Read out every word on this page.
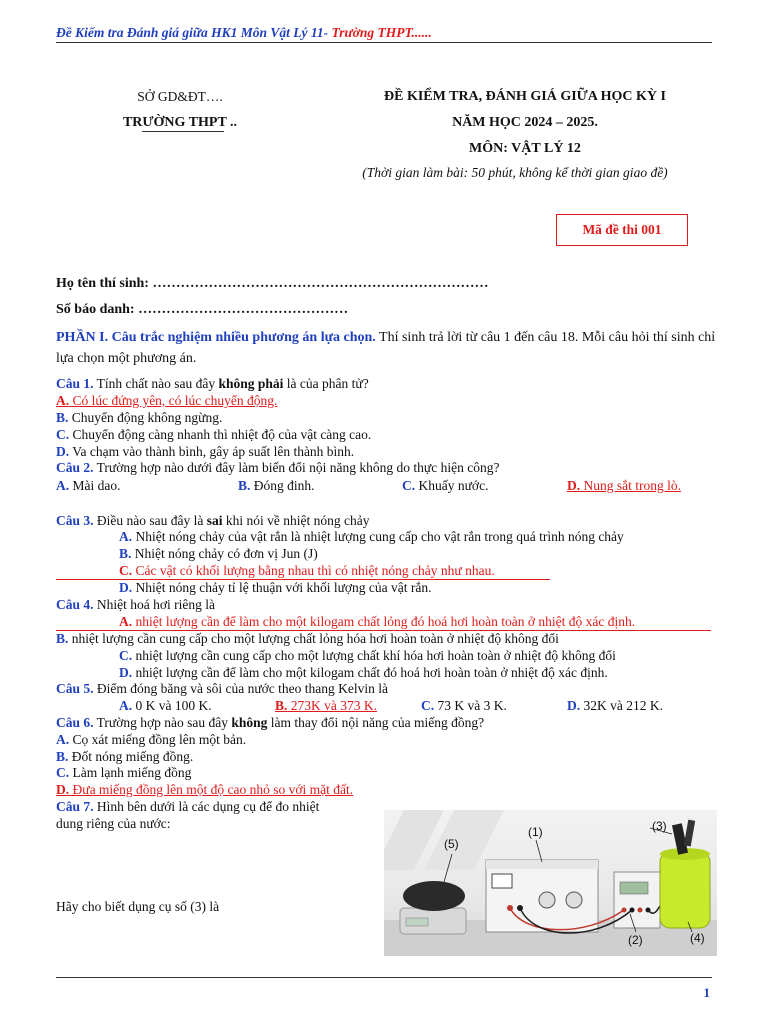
Đề Kiểm tra Đánh giá giữa HK1 Môn Vật Lý 11- Trường THPT......
SỞ GD&ĐT….
TRƯỜNG THPT ..
ĐỀ KIỂM TRA, ĐÁNH GIÁ GIỮA HỌC KỲ I
NĂM HỌC 2024 – 2025.
MÔN: VẬT LÝ 12
(Thời gian làm bài: 50 phút, không kể thời gian giao đề)
Mã đề thi 001
Họ tên thí sinh: ………………………………………………………………
Số báo danh: ………………………………………
PHẦN I. Câu trắc nghiệm nhiều phương án lựa chọn. Thí sinh trả lời từ câu 1 đến câu 18. Mỗi câu hỏi thí sinh chỉ lựa chọn một phương án.
Câu 1. Tính chất nào sau đây không phải là của phân tử?
A. Có lúc đứng yên, có lúc chuyển động.
B. Chuyển động không ngừng.
C. Chuyển động càng nhanh thì nhiệt độ của vật càng cao.
D. Va chạm vào thành bình, gây áp suất lên thành bình.
Câu 2. Trường hợp nào dưới đây làm biến đổi nội năng không do thực hiện công?
A. Mài dao.	B. Đóng đinh.	C. Khuấy nước.	D. Nung sắt trong lò.
Câu 3. Điều nào sau đây là sai khi nói về nhiệt nóng chảy
A. Nhiệt nóng chảy của vật rắn là nhiệt lượng cung cấp cho vật rắn trong quá trình nóng chảy
B. Nhiệt nóng chảy có đơn vị Jun (J)
C. Các vật có khối lượng bằng nhau thì có nhiệt nóng chảy như nhau.
D. Nhiệt nóng chảy tỉ lệ thuận với khối lượng của vật rắn.
Câu 4. Nhiệt hoá hơi riêng là
A. nhiệt lượng cần để làm cho một kilogam chất lỏng đó hoá hơi hoàn toàn ở nhiệt độ xác định.
B. nhiệt lượng cần cung cấp cho một lượng chất lỏng hóa hơi hoàn toàn ở nhiệt độ không đổi
C. nhiệt lượng cần cung cấp cho một lượng chất khí hóa hơi hoàn toàn ở nhiệt độ không đổi
D. nhiệt lượng cần để làm cho một kilogam chất đó hoá hơi hoàn toàn ở nhiệt độ xác định.
Câu 5. Điểm đóng băng và sôi của nước theo thang Kelvin là
A. 0 K và 100 K.	B. 273K và 373 K.	C. 73 K và 3 K.	D. 32K và 212 K.
Câu 6. Trường hợp nào sau đây không làm thay đổi nội năng của miếng đồng?
A. Cọ xát miếng đồng lên một bản.
B. Đốt nóng miếng đồng.
C. Làm lạnh miếng đồng
D. Đưa miếng đồng lên một độ cao nhỏ so với mặt đất.
Câu 7. Hình bên dưới là các dụng cụ để đo nhiệt
dung riêng của nước:
Hãy cho biết dụng cụ số (3) là
(5)
(1)	(3)
(2)	(4)
1
